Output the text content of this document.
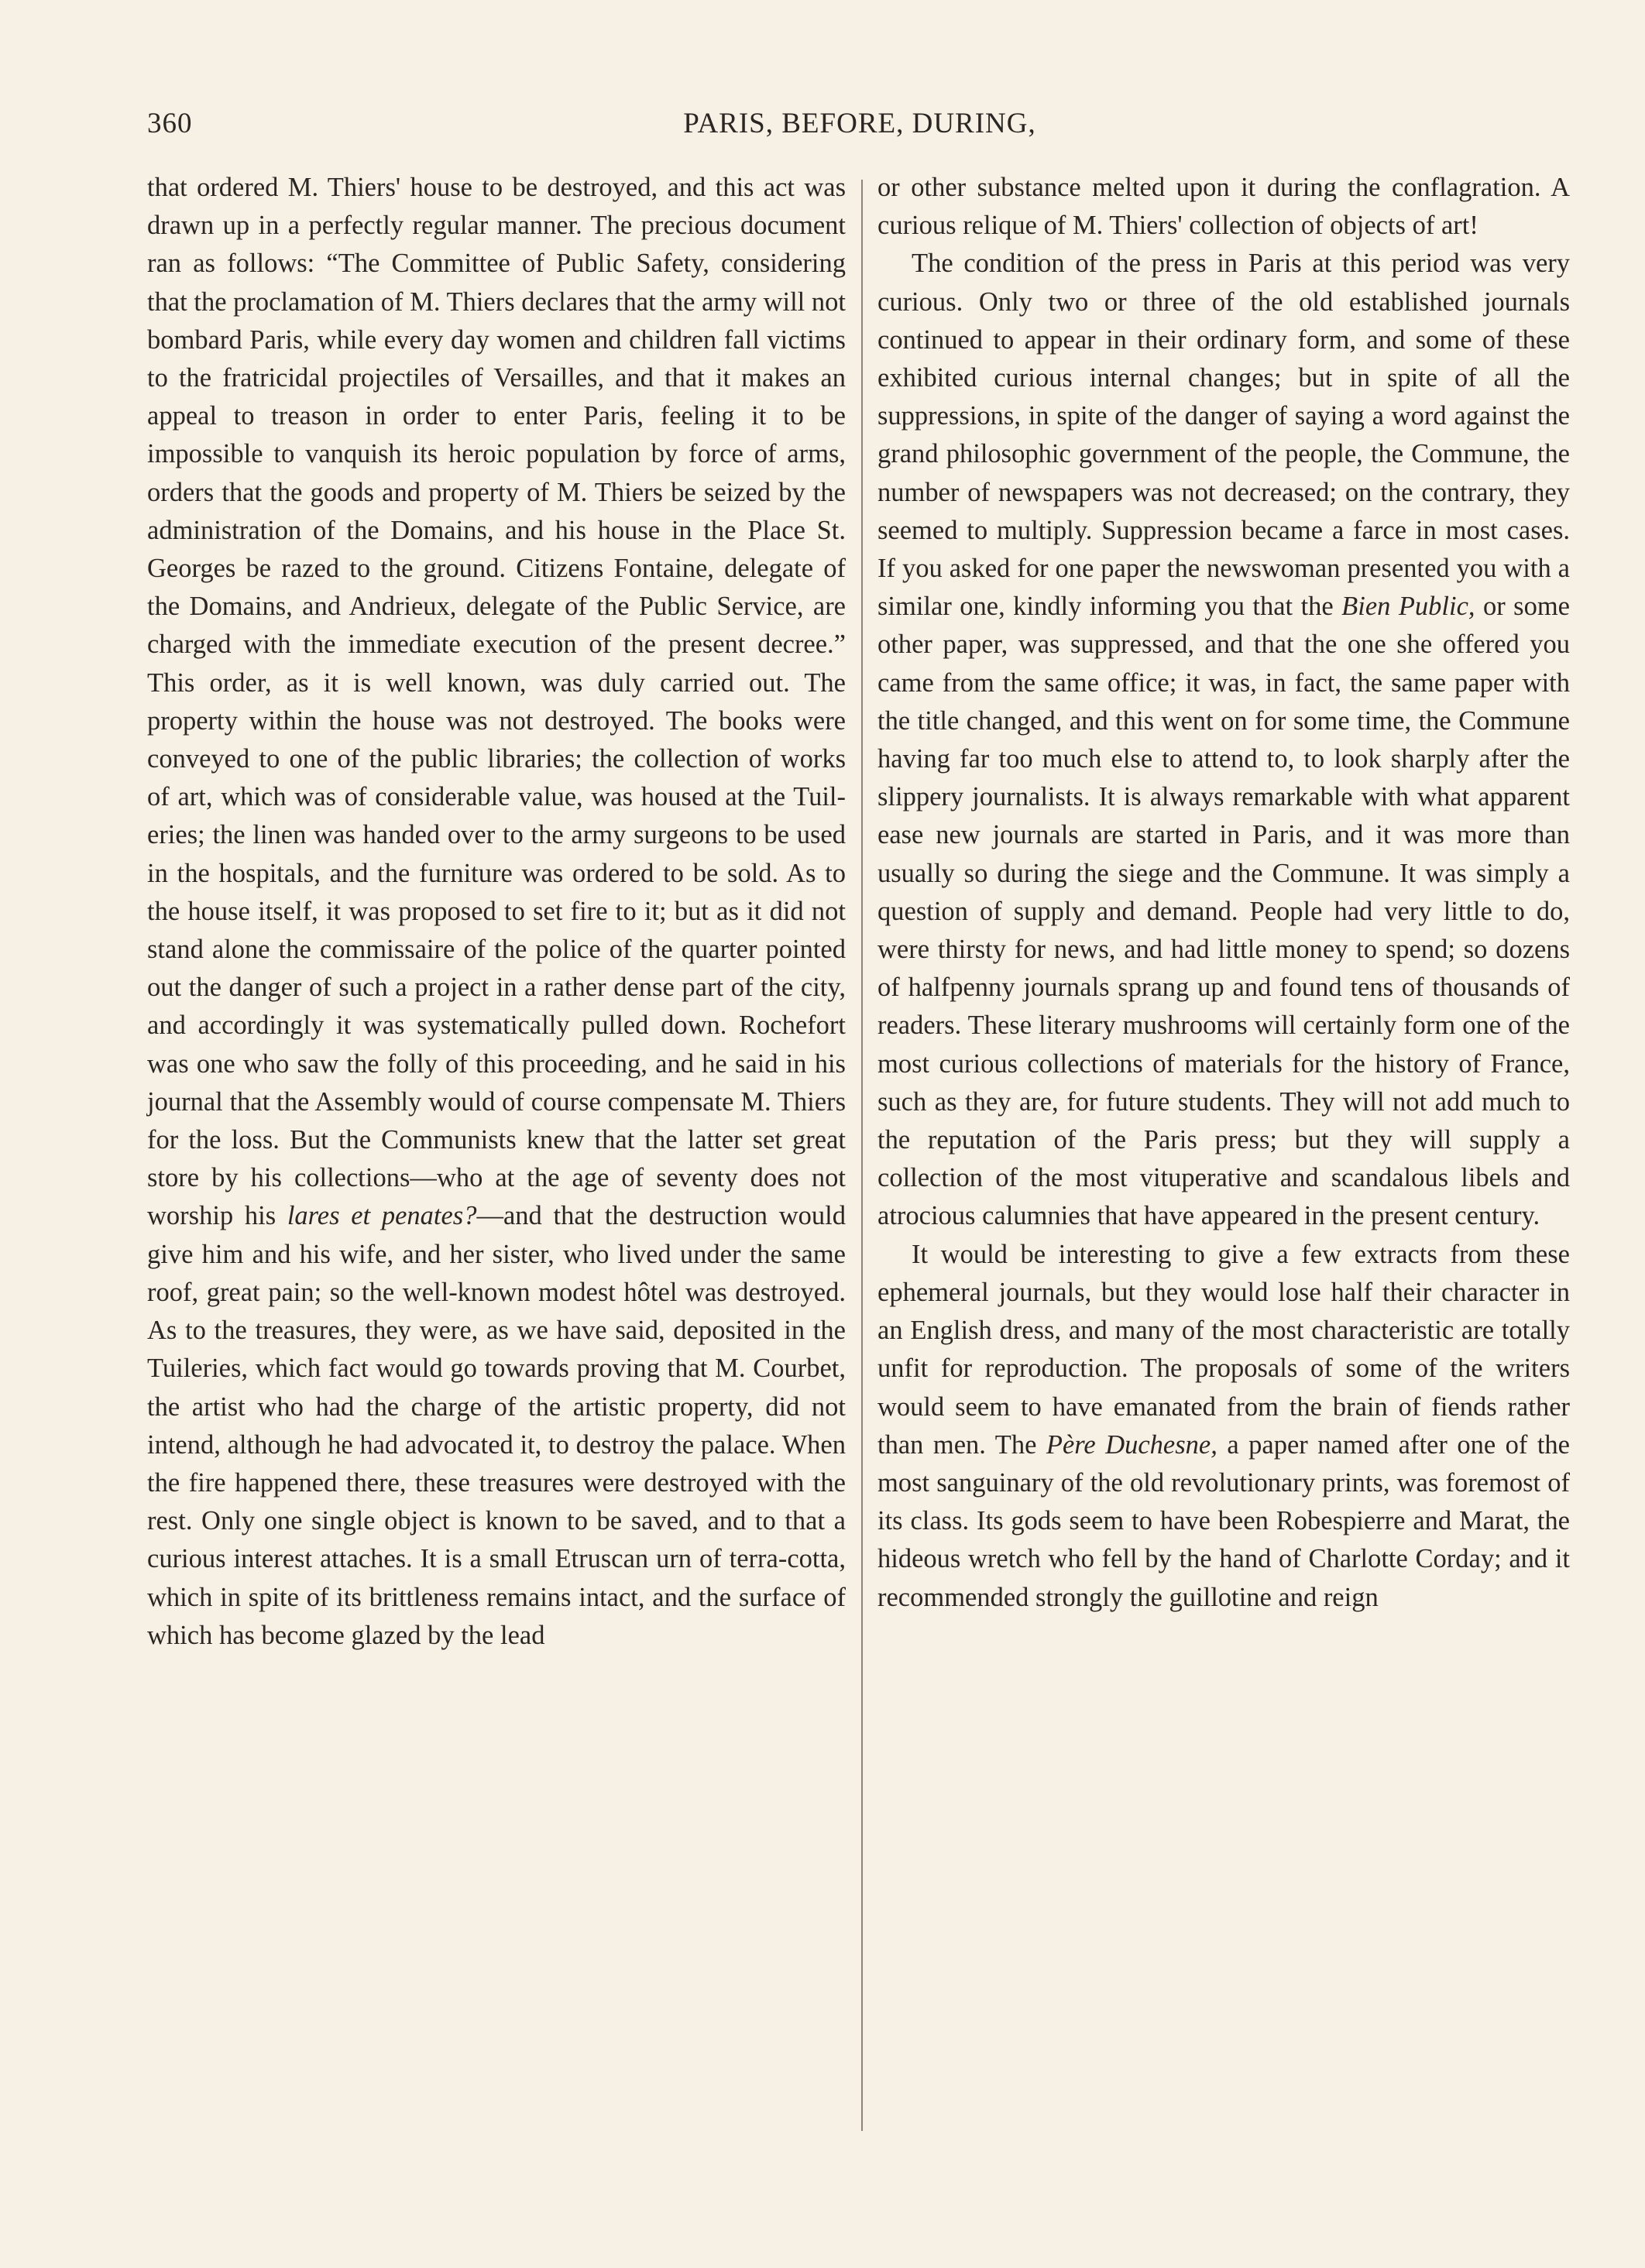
360	PARIS, BEFORE, DURING,

that ordered M. Thiers' house to be destroyed, and this act was drawn up in a perfectly regular manner. The precious document ran as follows: “The Committee of Public Safety, considering that the proclamation of M. Thiers declares that the army will not bombard Paris, while every day women and children fall victims to the fratricidal projectiles of Versailles, and that it makes an appeal to treason in order to enter Paris, feeling it to be impossible to vanquish its heroic population by force of arms, orders that the goods and property of M. Thiers be seized by the administration of the Domains, and his house in the Place St. Georges be razed to the ground. Citizens Fontaine, delegate of the Domains, and Andrieux, delegate of the Public Service, are charged with the immediate execution of the present decree.” This order, as it is well known, was duly carried out. The property within the house was not destroyed. The books were conveyed to one of the public libraries; the collection of works of art, which was of considerable value, was housed at the Tuileries; the linen was handed over to the army surgeons to be used in the hospitals, and the furniture was ordered to be sold. As to the house itself, it was proposed to set fire to it; but as it did not stand alone the commissaire of the police of the quarter pointed out the danger of such a project in a rather dense part of the city, and accordingly it was systematically pulled down. Rochefort was one who saw the folly of this proceeding, and he said in his journal that the Assembly would of course compensate M. Thiers for the loss. But the Communists knew that the latter set great store by his collections—who at the age of seventy does not worship his lares et penates?—and that the destruction would give him and his wife, and her sister, who lived under the same roof, great pain; so the well-known modest hôtel was destroyed. As to the treasures, they were, as we have said, deposited in the Tuileries, which fact would go towards proving that M. Courbet, the artist who had the charge of the artistic property, did not intend, although he had advocated it, to destroy the palace. When the fire happened there, these treasures were destroyed with the rest. Only one single object is known to be saved, and to that a curious interest attaches. It is a small Etruscan urn of terra-cotta, which in spite of its brittleness remains intact, and the surface of which has become glazed by the lead

or other substance melted upon it during the conflagration. A curious relique of M. Thiers' collection of objects of art!

The condition of the press in Paris at this period was very curious. Only two or three of the old established journals continued to appear in their ordinary form, and some of these exhibited curious internal changes; but in spite of all the suppressions, in spite of the danger of saying a word against the grand philosophic government of the people, the Commune, the number of newspapers was not decreased; on the contrary, they seemed to multiply. Suppression became a farce in most cases. If you asked for one paper the newswoman presented you with a similar one, kindly informing you that the Bien Public, or some other paper, was suppressed, and that the one she offered you came from the same office; it was, in fact, the same paper with the title changed, and this went on for some time, the Commune having far too much else to attend to, to look sharply after the slippery journalists. It is always remarkable with what apparent ease new journals are started in Paris, and it was more than usually so during the siege and the Commune. It was simply a question of supply and demand. People had very little to do, were thirsty for news, and had little money to spend; so dozens of halfpenny journals sprang up and found tens of thousands of readers. These literary mushrooms will certainly form one of the most curious collections of materials for the history of France, such as they are, for future students. They will not add much to the reputation of the Paris press; but they will supply a collection of the most vituperative and scandalous libels and atrocious calumnies that have appeared in the present century.

It would be interesting to give a few extracts from these ephemeral journals, but they would lose half their character in an English dress, and many of the most characteristic are totally unfit for reproduction. The proposals of some of the writers would seem to have emanated from the brain of fiends rather than men. The Père Duchesne, a paper named after one of the most sanguinary of the old revolutionary prints, was foremost of its class. Its gods seem to have been Robespierre and Marat, the hideous wretch who fell by the hand of Charlotte Corday; and it recommended strongly the guillotine and reign
